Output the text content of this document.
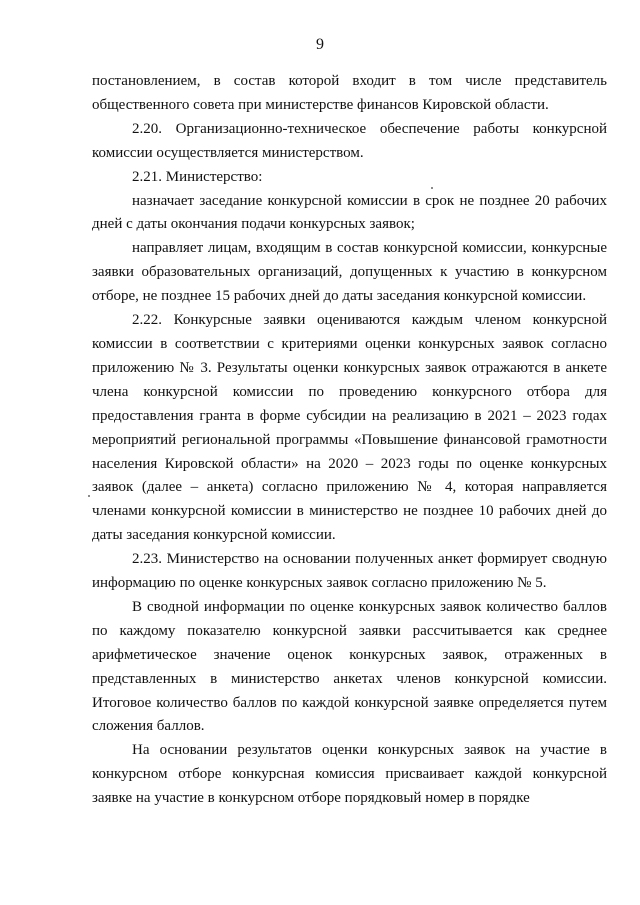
9

постановлением, в состав которой входит в том числе представитель общественного совета при министерстве финансов Кировской области.

2.20. Организационно-техническое обеспечение работы конкурсной комиссии осуществляется министерством.

2.21. Министерство:

назначает заседание конкурсной комиссии в срок не позднее 20 рабочих дней с даты окончания подачи конкурсных заявок;

направляет лицам, входящим в состав конкурсной комиссии, конкурсные заявки образовательных организаций, допущенных к участию в конкурсном отборе, не позднее 15 рабочих дней до даты заседания конкурсной комиссии.

2.22. Конкурсные заявки оцениваются каждым членом конкурсной комиссии в соответствии с критериями оценки конкурсных заявок согласно приложению № 3. Результаты оценки конкурсных заявок отражаются в анкете члена конкурсной комиссии по проведению конкурсного отбора для предоставления гранта в форме субсидии на реализацию в 2021 – 2023 годах мероприятий региональной программы «Повышение финансовой грамотности населения Кировской области» на 2020 – 2023 годы по оценке конкурсных заявок (далее – анкета) согласно приложению № 4, которая направляется членами конкурсной комиссии в министерство не позднее 10 рабочих дней до даты заседания конкурсной комиссии.

2.23. Министерство на основании полученных анкет формирует сводную информацию по оценке конкурсных заявок согласно приложению № 5.

В сводной информации по оценке конкурсных заявок количество баллов по каждому показателю конкурсной заявки рассчитывается как среднее арифметическое значение оценок конкурсных заявок, отраженных в представленных в министерство анкетах членов конкурсной комиссии. Итоговое количество баллов по каждой конкурсной заявке определяется путем сложения баллов.

На основании результатов оценки конкурсных заявок на участие в конкурсном отборе конкурсная комиссия присваивает каждой конкурсной заявке на участие в конкурсном отборе порядковый номер в порядке
